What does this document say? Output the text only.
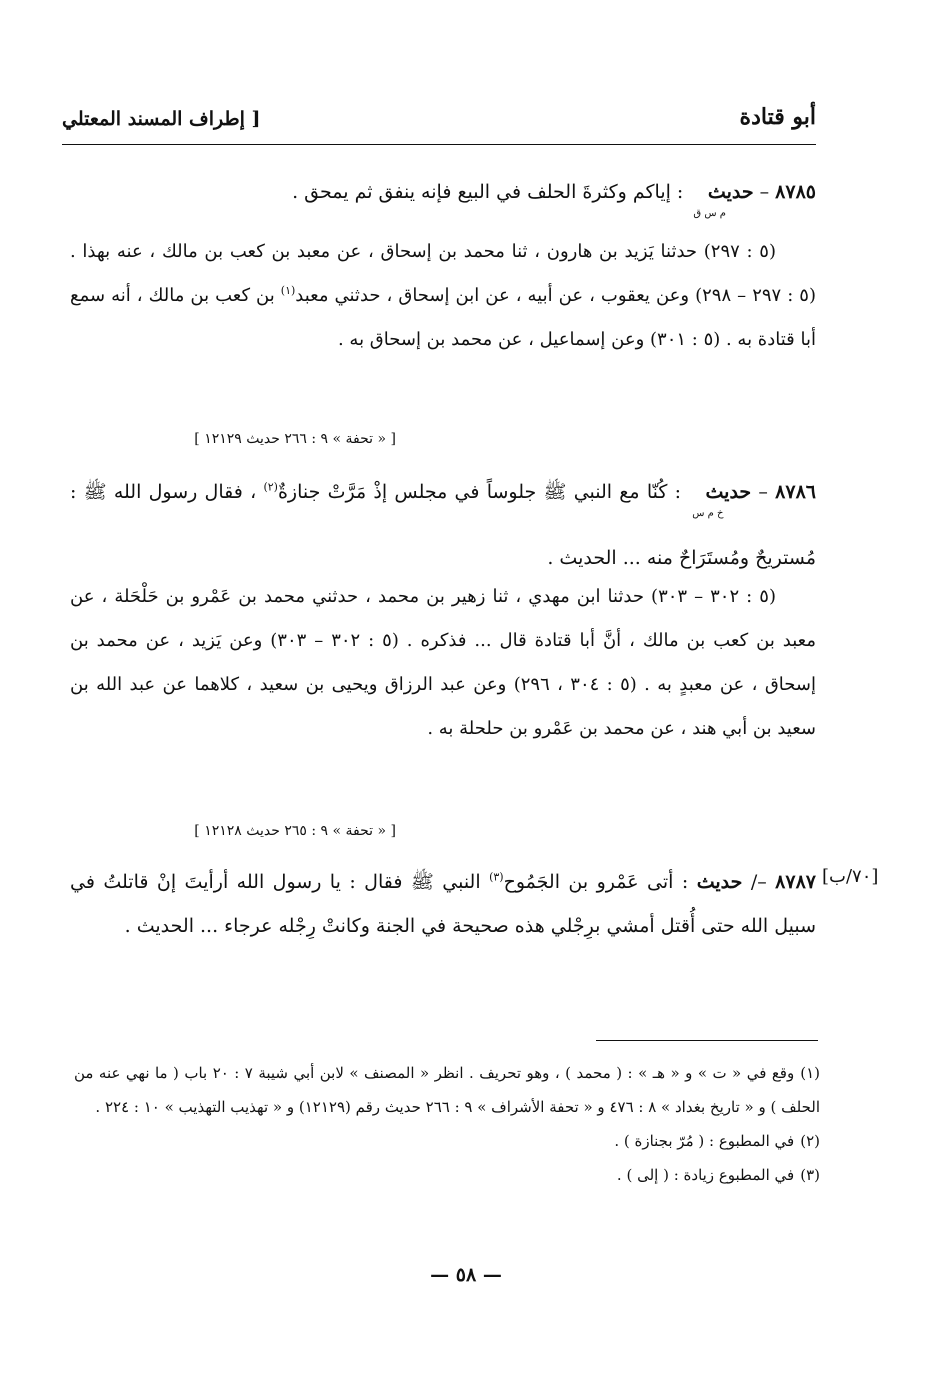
أبو قتادة
[ إطراف المسند المعتلي
٨٧٨٥ – حديثم س ق : إياكم وكثرةَ الحلف في البيع فإنه ينفق ثم يمحق .
(٥ : ٢٩٧) حدثنا يَزيد بن هارون ، ثنا محمد بن إسحاق ، عن معبد بن كعب بن مالك ، عنه بهذا . (٥ : ٢٩٧ – ٢٩٨) وعن يعقوب ، عن أبيه ، عن ابن إسحاق ، حدثني معبد$^{(١)}$ بن كعب بن مالك ، أنه سمع أبا قتادة به . (٥ : ٣٠١) وعن إسماعيل ، عن محمد بن إسحاق به .
[ « تحفة » ٩ : ٢٦٦ حديث ١٢١٢٩ ]
٨٧٨٦ – حديثخ م س : كُنّا مع النبي ﷺ جلوساً في مجلس إذْ مَرَّتْ جنازةٌ$^{(٢)}$ ، فقال رسول الله ﷺ : مُستريحٌ ومُستَرَاحٌ منه ... الحديث .
(٥ : ٣٠٢ – ٣٠٣) حدثنا ابن مهدي ، ثنا زهير بن محمد ، حدثني محمد بن عَمْرو بن حَلْحَلة ، عن معبد بن كعب بن مالك ، أنَّ أبا قتادة قال ... فذكره . (٥ : ٣٠٢ – ٣٠٣) وعن يَزيد ، عن محمد بن إسحاق ، عن معبدٍ به . (٥ : ٣٠٤ ، ٢٩٦) وعن عبد الرزاق ويحيى بن سعيد ، كلاهما عن عبد الله بن سعيد بن أبي هند ، عن محمد بن عَمْرو بن حلحلة به .
[ « تحفة » ٩ : ٢٦٥ حديث ١٢١٢٨ ]
[٧٠/ب]
٨٧٨٧ –/ حديث : أتى عَمْرو بن الجَمُوح$^{(٣)}$ النبي ﷺ فقال : يا رسول الله أرأيتَ إنْ قاتلتُ في سبيل الله حتى أُقتل أمشي برِجْلي هذه صحيحة في الجنة وكانتْ رِجْله عرجاء ... الحديث .
(١)وقع في « ت » و « هـ » : ( محمد ) ، وهو تحريف . انظر « المصنف » لابن أبي شيبة ٧ : ٢٠ باب ( ما نهي عنه من الحلف ) و « تاريخ بغداد » ٨ : ٤٧٦ و « تحفة الأشراف » ٩ : ٢٦٦ حديث رقم (١٢١٢٩) و « تهذيب التهذيب » ١٠ : ٢٢٤ .
(٢)في المطبوع : ( مُرّ بجنازة ) .
(٣)في المطبوع زيادة : ( إلى ) .
— ٥٨ —
